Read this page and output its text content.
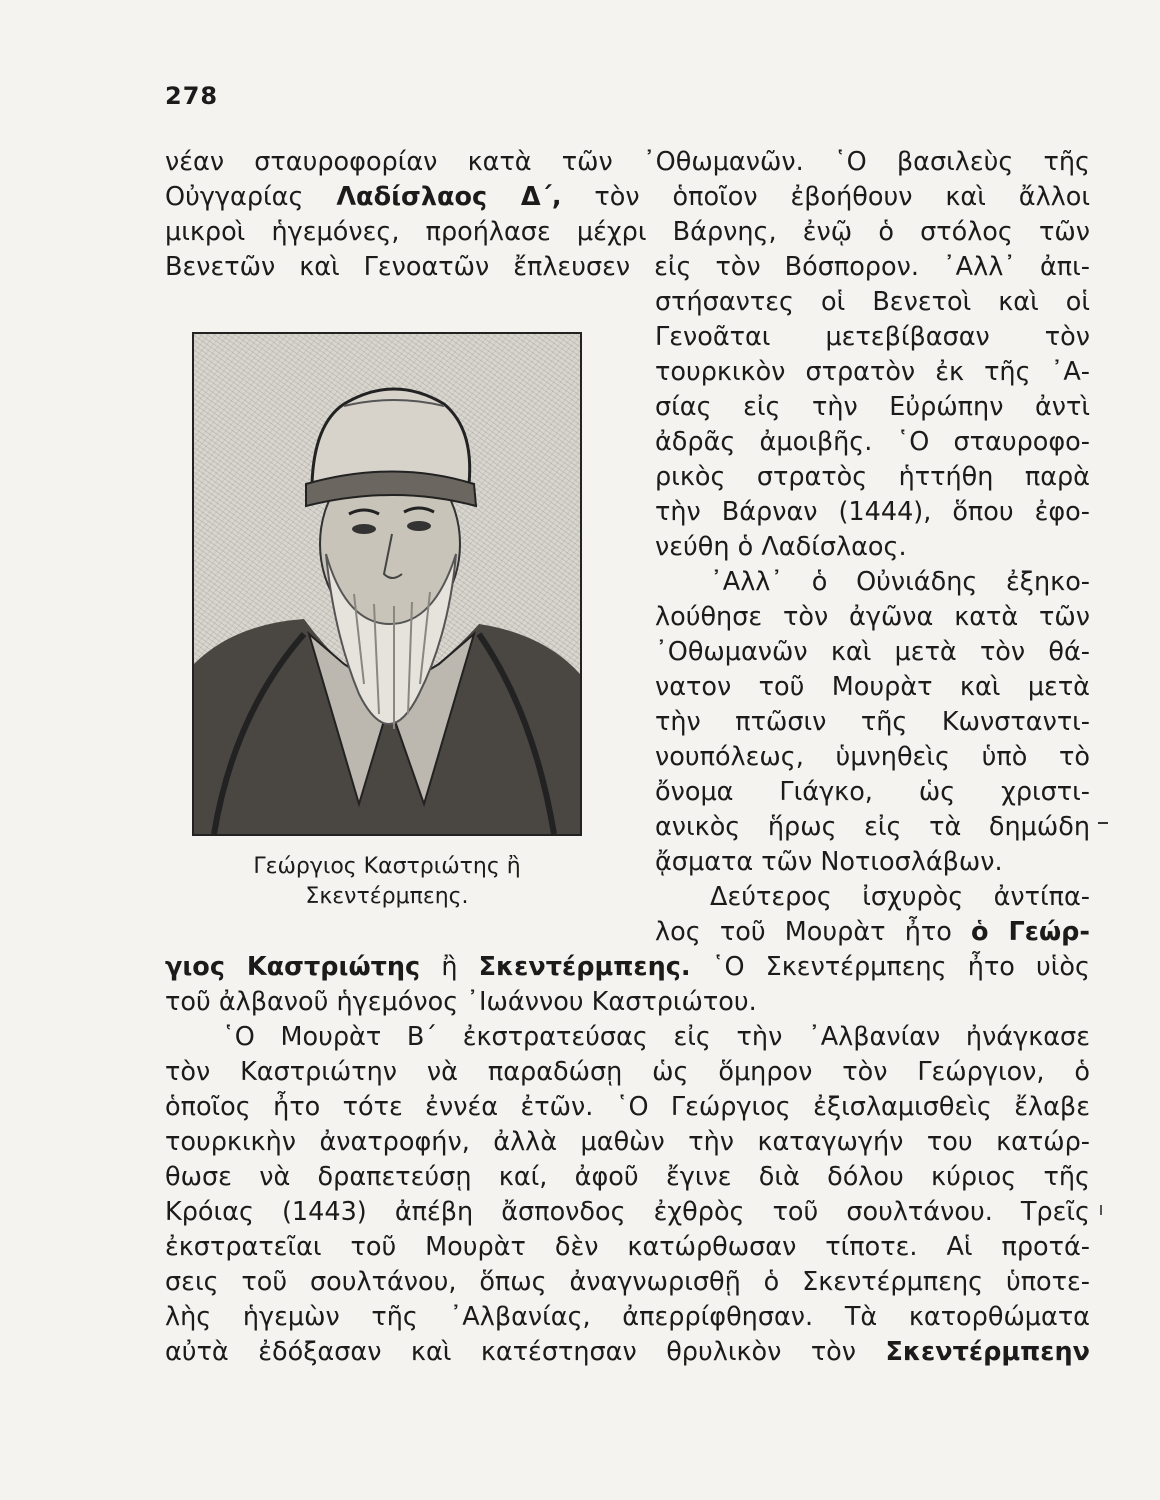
278
νέαν σταυροφορίαν κατὰ τῶν ᾿Οθωμανῶν. ῾Ο βασιλεὺς τῆς
Οὐγγαρίας Λαδίσλαος Δ΄, τὸν ὁποῖον ἐβοήθουν καὶ ἄλλοι
μικροὶ ἡγεμόνες, προήλασε μέχρι Βάρνης, ἐνῷ ὁ στόλος τῶν
Βενετῶν καὶ Γενοατῶν ἔπλευσεν εἰς τὸν Βόσπορον. ᾿Αλλ᾿ ἀπι-
στήσαντες οἱ Βενετοὶ καὶ οἱ
Γενοᾶται μετεβίβασαν τὸν
τουρκικὸν στρατὸν ἐκ τῆς ᾿Α-
σίας εἰς τὴν Εὐρώπην ἀντὶ
ἀδρᾶς ἀμοιβῆς. ῾Ο σταυροφο-
ρικὸς στρατὸς ἡττήθη παρὰ
τὴν Βάρναν (1444), ὅπου ἐφο-
νεύθη ὁ Λαδίσλαος.
᾿Αλλ᾿ ὁ Οὐνιάδης ἐξηκο-
λούθησε τὸν ἀγῶνα κατὰ τῶν
᾿Οθωμανῶν καὶ μετὰ τὸν θά-
νατον τοῦ Μουρὰτ καὶ μετὰ
τὴν πτῶσιν τῆς Κωνσταντι-
νουπόλεως, ὑμνηθεὶς ὑπὸ τὸ
ὄνομα Γιάγκο, ὡς χριστι-
ανικὸς ἥρως εἰς τὰ δημώδη
ᾄσματα τῶν Νοτιοσλάβων.
Δεύτερος ἰσχυρὸς ἀντίπα-
λος τοῦ Μουρὰτ ἦτο ὁ Γεώρ-
γιος Καστριώτης ἢ Σκεντέρμπεης. ῾Ο Σκεντέρμπεης ἦτο υἱὸς
τοῦ ἀλβανοῦ ἡγεμόνος ᾿Ιωάννου Καστριώτου.
῾Ο Μουρὰτ Β΄ ἐκστρατεύσας εἰς τὴν ᾿Αλβανίαν ἠνάγκασε
τὸν Καστριώτην νὰ παραδώσῃ ὡς ὅμηρον τὸν Γεώργιον, ὁ
ὁποῖος ἦτο τότε ἐννέα ἐτῶν. ῾Ο Γεώργιος ἐξισλαμισθεὶς ἔλαβε
τουρκικὴν ἀνατροφήν, ἀλλὰ μαθὼν τὴν καταγωγήν του κατώρ-
θωσε νὰ δραπετεύσῃ καί, ἀφοῦ ἔγινε διὰ δόλου κύριος τῆς
Κρόιας (1443) ἀπέβη ἄσπονδος ἐχθρὸς τοῦ σουλτάνου. Τρεῖς
ἐκστρατεῖαι τοῦ Μουρὰτ δὲν κατώρθωσαν τίποτε. Αἱ προτά-
σεις τοῦ σουλτάνου, ὅπως ἀναγνωρισθῇ ὁ Σκεντέρμπεης ὑποτε-
λὴς ἡγεμὼν τῆς ᾿Αλβανίας, ἀπερρίφθησαν. Τὰ κατορθώματα
αὐτὰ ἐδόξασαν καὶ κατέστησαν θρυλικὸν τὸν Σκεντέρμπεην
Γεώργιος Καστριώτης ἢ
Σκεντέρμπεης.
